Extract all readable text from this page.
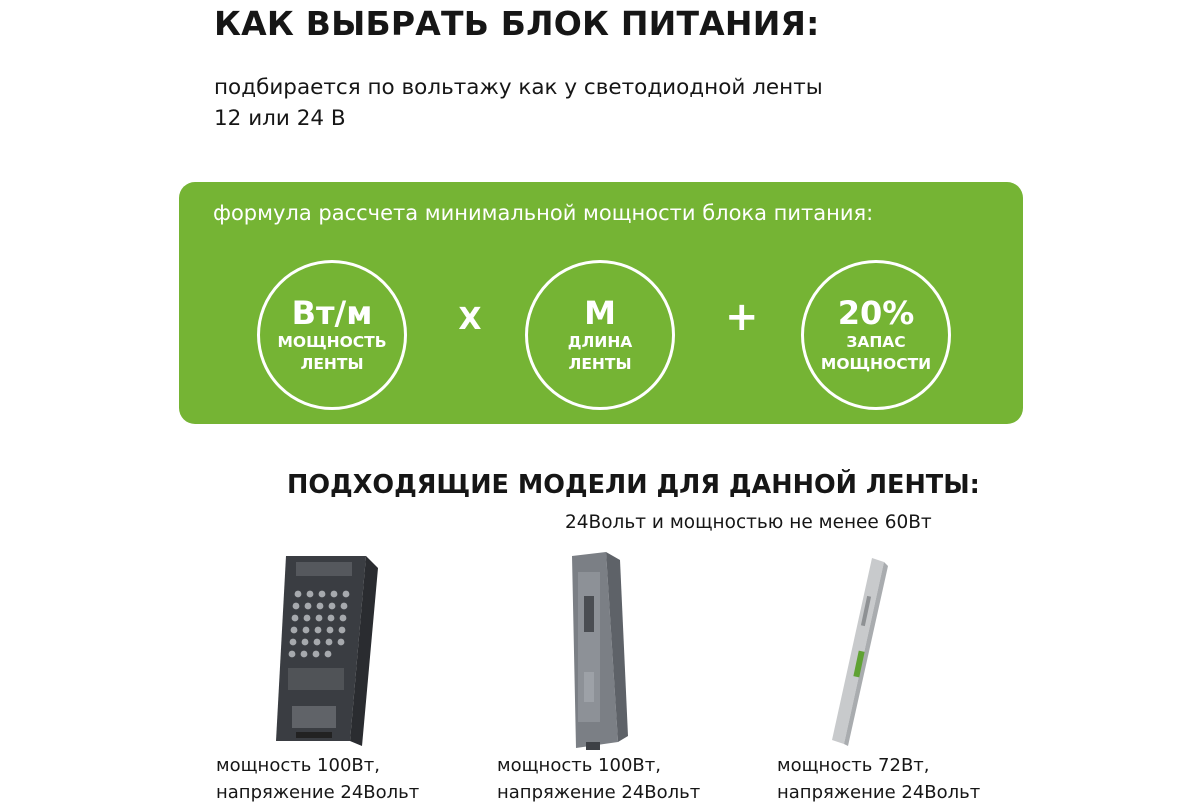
КАК ВЫБРАТЬ БЛОК ПИТАНИЯ:
подбирается по вольтажу как у светодиодной ленты
12 или 24 В
формула рассчета минимальной мощности блока питания:
Вт/м
МОЩНОСТЬ
ЛЕНТЫ
X	М
ДЛИНА
ЛЕНТЫ
+ 20%
ЗАПАС
МОЩНОСТИ
ПОДХОДЯЩИЕ МОДЕЛИ ДЛЯ ДАННОЙ ЛЕНТЫ:
24Вольт и мощностью не менее 60Вт
мощность 100Вт,
напряжение 24Вольт
мощность 100Вт,
напряжение 24Вольт
мощность 72Вт,
напряжение 24Вольт
